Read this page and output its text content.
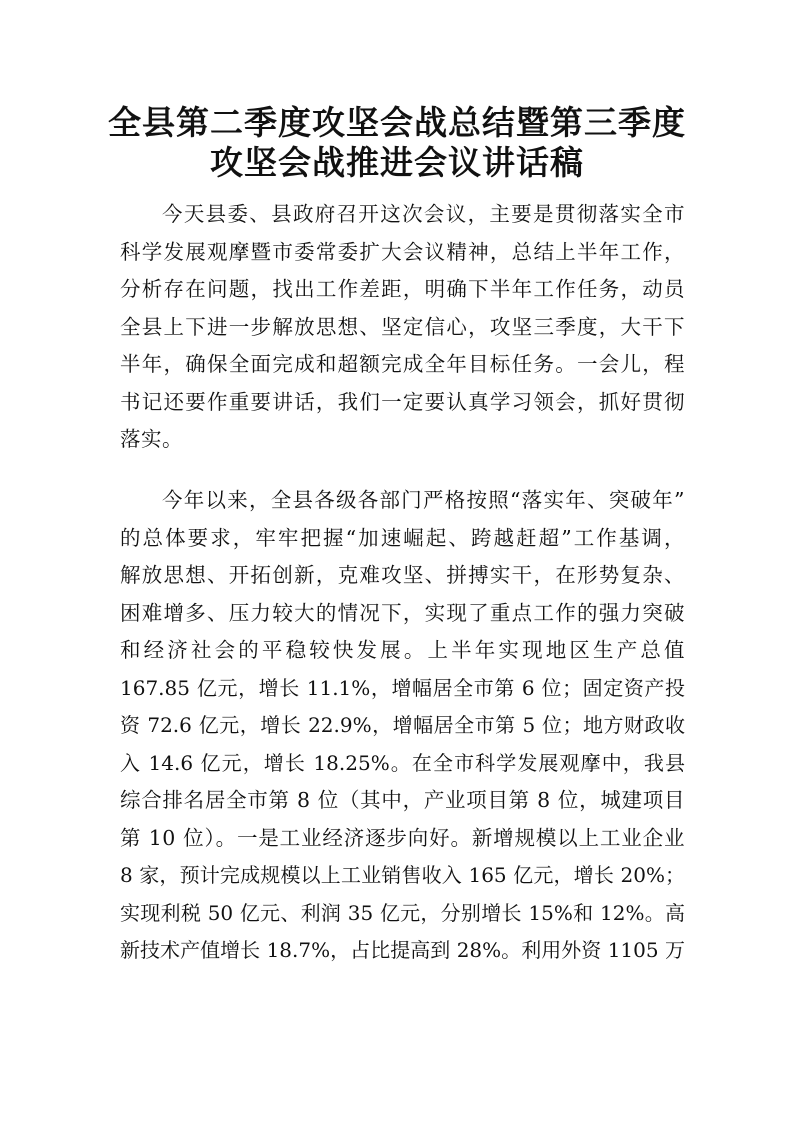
全县第二季度攻坚会战总结暨第三季度
攻坚会战推进会议讲话稿
今天县委、县政府召开这次会议，主要是贯彻落实全市
科学发展观摩暨市委常委扩大会议精神，总结上半年工作，
分析存在问题，找出工作差距，明确下半年工作任务，动员
全县上下进一步解放思想、坚定信心，攻坚三季度，大干下
半年，确保全面完成和超额完成全年目标任务。一会儿，程
书记还要作重要讲话，我们一定要认真学习领会，抓好贯彻
落实。
今年以来，全县各级各部门严格按照“落实年、突破年”
的总体要求，牢牢把握“加速崛起、跨越赶超”工作基调，
解放思想、开拓创新，克难攻坚、拼搏实干，在形势复杂、
困难增多、压力较大的情况下，实现了重点工作的强力突破
和经济社会的平稳较快发展。上半年实现地区生产总值
167.85 亿元，增长 11.1%，增幅居全市第 6 位；固定资产投
资 72.6 亿元，增长 22.9%，增幅居全市第 5 位；地方财政收
入 14.6 亿元，增长 18.25%。在全市科学发展观摩中，我县
综合排名居全市第 8 位（其中，产业项目第 8 位，城建项目
第 10 位）。一是工业经济逐步向好。新增规模以上工业企业
8 家，预计完成规模以上工业销售收入 165 亿元，增长 20%；
实现利税 50 亿元、利润 35 亿元，分别增长 15%和 12%。高
新技术产值增长 18.7%，占比提高到 28%。利用外资 1105 万
